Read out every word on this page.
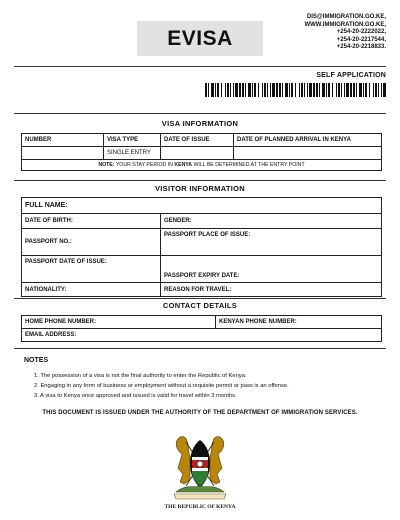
EVISA
DIS@IMMIGRATION.GO.KE,
WWW.IMMIGRATION.GO.KE,
+254-20-2222022,
+254-20-2217544,
+254-20-2218833.
SELF APPLICATION
VISA INFORMATION
NUMBER	VISA TYPE	DATE OF ISSUE	DATE OF PLANNED ARRIVAL IN KENYA
	SINGLE ENTRY		
NOTE: YOUR STAY PERIOD IN KENYA WILL BE DETERMINED AT THE ENTRY POINT			
VISITOR INFORMATION
FULL NAME:	
DATE OF BIRTH:	GENDER:
PASSPORT NO.:	PASSPORT PLACE OF ISSUE:
PASSPORT DATE OF ISSUE:	PASSPORT EXPIRY DATE:
NATIONALITY:	REASON FOR TRAVEL:
CONTACT DETAILS
HOME PHONE NUMBER:	KENYAN PHONE NUMBER:
EMAIL ADDRESS:
NOTES
1. The possession of a visa is not the final authority to enter the Republic of Kenya.
2. Engaging in any form of business or employment without a requisite permit or pass is an offense.
3. A visa to Kenya once approved and issued is valid for travel within 3 months.
THIS DOCUMENT IS ISSUED UNDER THE AUTHORITY OF THE DEPARTMENT OF IMMIGRATION SERVICES.
THE REPUBLIC OF KENYA
